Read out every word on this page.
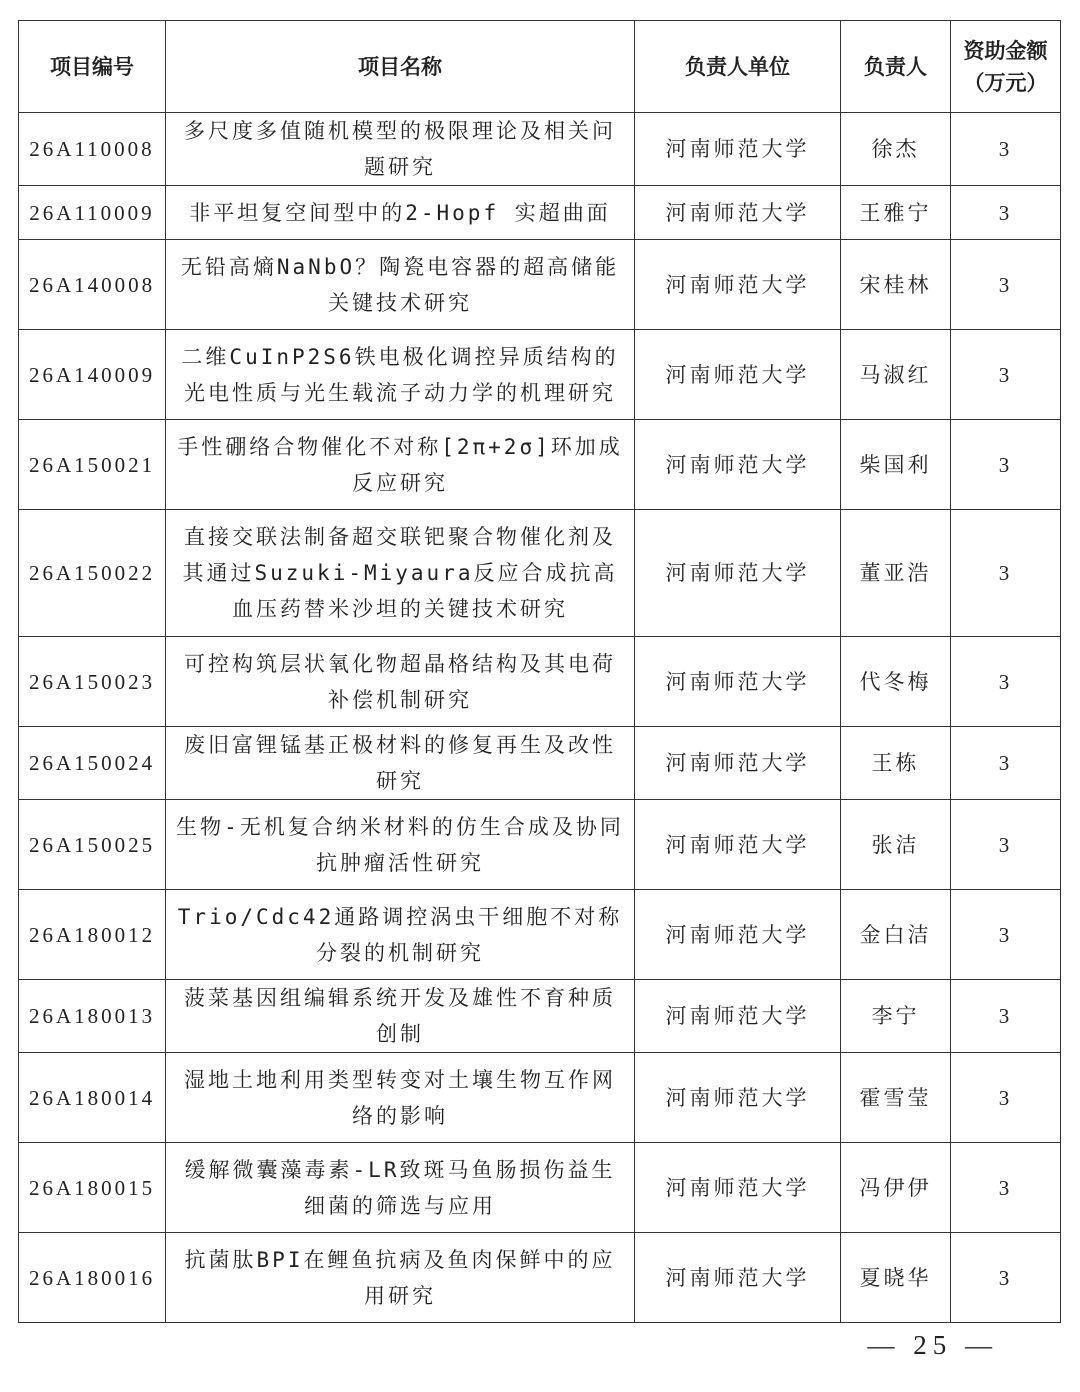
项目编号	项目名称	负责人单位	负责人	资助金额
（万元）

26A110008	多尺度多值随机模型的极限理论及相关问题研究	河南师范大学	徐杰	3
26A110009	非平坦复空间型中的2-Hopf 实超曲面	河南师范大学	王雅宁	3
26A140008	无铅高熵NaNbO？陶瓷电容器的超高储能关键技术研究	河南师范大学	宋桂林	3
26A140009	二维CuInP2S6铁电极化调控异质结构的光电性质与光生载流子动力学的机理研究	河南师范大学	马淑红	3
26A150021	手性硼络合物催化不对称[2π+2σ]环加成反应研究	河南师范大学	柴国利	3
26A150022	直接交联法制备超交联钯聚合物催化剂及其通过Suzuki-Miyaura反应合成抗高血压药替米沙坦的关键技术研究	河南师范大学	董亚浩	3
26A150023	可控构筑层状氧化物超晶格结构及其电荷补偿机制研究	河南师范大学	代冬梅	3
26A150024	废旧富锂锰基正极材料的修复再生及改性研究	河南师范大学	王栋	3
26A150025	生物-无机复合纳米材料的仿生合成及协同抗肿瘤活性研究	河南师范大学	张洁	3
26A180012	Trio/Cdc42通路调控涡虫干细胞不对称分裂的机制研究	河南师范大学	金白洁	3
26A180013	菠菜基因组编辑系统开发及雄性不育种质创制	河南师范大学	李宁	3
26A180014	湿地土地利用类型转变对土壤生物互作网络的影响	河南师范大学	霍雪莹	3
26A180015	缓解微囊藻毒素-LR致斑马鱼肠损伤益生细菌的筛选与应用	河南师范大学	冯伊伊	3
26A180016	抗菌肽BPI在鲤鱼抗病及鱼肉保鲜中的应用研究	河南师范大学	夏晓华	3
— 25 —
